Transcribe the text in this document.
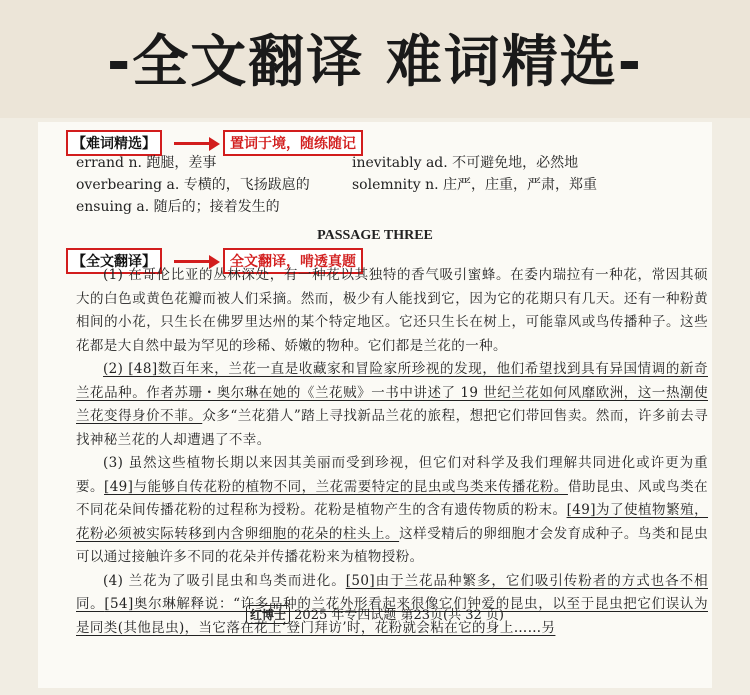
-全文翻译 难词精选-
【难词精选】	置词于境，随练随记
errand n. 跑腿，差事
overbearing a. 专横的，飞扬跋扈的
ensuing a. 随后的；接着发生的
inevitably ad. 不可避免地，必然地
solemnity n. 庄严，庄重，严肃，郑重
PASSAGE THREE
【全文翻译】	全文翻译，啃透真题

(1) 在哥伦比亚的丛林深处，有一种花以其独特的香气吸引蜜蜂。在委内瑞拉有一种花，常因其硕大的白色或黄色花瓣而被人们采摘。然而，极少有人能找到它，因为它的花期只有几天。还有一种粉黄相间的小花，只生长在佛罗里达州的某个特定地区。它还只生长在树上，可能靠风或鸟传播种子。这些花都是大自然中最为罕见的珍稀、娇嫩的物种。它们都是兰花的一种。

(2) [48]数百年来，兰花一直是收藏家和冒险家所珍视的发现，他们希望找到具有异国情调的新奇兰花品种。作者苏珊・奥尔琳在她的《兰花贼》一书中讲述了 19 世纪兰花如何风靡欧洲，这一热潮使兰花变得身价不菲。众多“兰花猎人”踏上寻找新品兰花的旅程，想把它们带回售卖。然而，许多前去寻找神秘兰花的人却遭遇了不幸。

(3) 虽然这些植物长期以来因其美丽而受到珍视，但它们对科学及我们理解共同进化或许更为重要。[49]与能够自传花粉的植物不同，兰花需要特定的昆虫或鸟类来传播花粉。借助昆虫、风或鸟类在不同花朵间传播花粉的过程称为授粉。花粉是植物产生的含有遗传物质的粉末。[49]为了使植物繁殖，花粉必须被实际转移到内含卵细胞的花朵的柱头上。这样受精后的卵细胞才会发育成种子。鸟类和昆虫可以通过接触许多不同的花朵并传播花粉来为植物授粉。

(4) 兰花为了吸引昆虫和鸟类而进化。[50]由于兰花品种繁多，它们吸引传粉者的方式也各不相同。[54]奥尔琳解释说：“许多品种的兰花外形看起来很像它们钟爱的昆虫，以至于昆虫把它们误认为是同类(其他昆虫)，当它落在花上‘登门拜访’时，花粉就会粘在它的身上……另

红博士 2025 年专四试题 第23页(共 32 页)
